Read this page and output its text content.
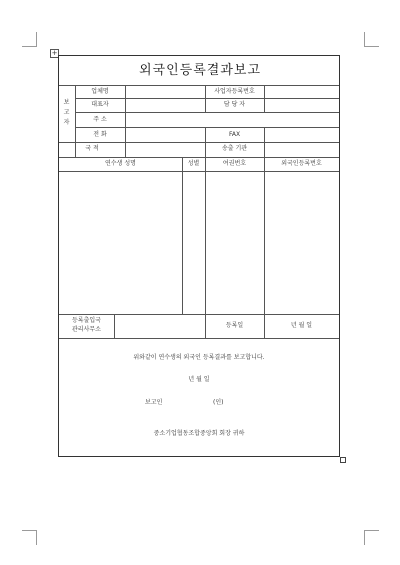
+
외국인등록결과보고
보
고
자
업체명	사업자등록번호
대표자	담 당 자
주 소
전 화	FAX
국 적	송출 기관
연수생 성명	성별	여권번호	외국인등록번호
등록출입국
관리사무소
등록일	년 월 일
위와같이 연수생의 외국인 등록결과를 보고합니다.
년 월 일
보고인	(인)
중소기업협동조합중앙회 회장 귀하
